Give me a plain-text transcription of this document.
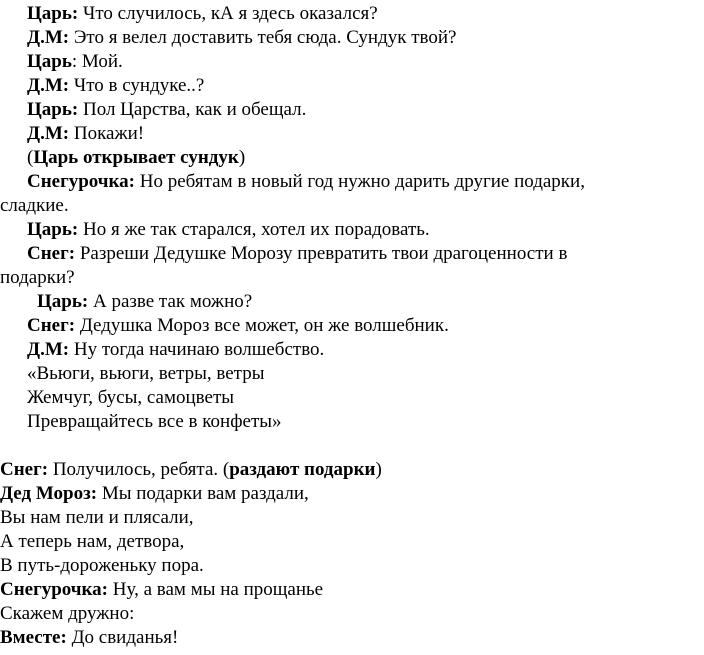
Царь: Что случилось, кА я здесь оказался?

Д.М: Это я велел доставить тебя сюда. Сундук твой?

Царь: Мой.

Д.М: Что в сундуке..?

Царь: Пол Царства, как и обещал.

Д.М: Покажи!

(Царь открывает сундук)

Снегурочка: Но ребятам в новый год нужно дарить другие подарки,

сладкие.

Царь: Но я же так старался, хотел их порадовать.

Снег: Разреши Дедушке Морозу превратить твои драгоценности в

подарки?

Царь: А разве так можно?

Снег: Дедушка Мороз все может, он же волшебник.

Д.М: Ну тогда начинаю волшебство.

«Вьюги, вьюги, ветры, ветры

Жемчуг, бусы, самоцветы

Превращайтесь все в конфеты»

Снег: Получилось, ребята. (раздают подарки)

Дед Мороз: Мы подарки вам раздали,

Вы нам пели и плясали,

А теперь нам, детвора,

В путь-дороженьку пора.

Снегурочка: Ну, а вам мы на прощанье

Скажем дружно:

Вместе: До свиданья!
